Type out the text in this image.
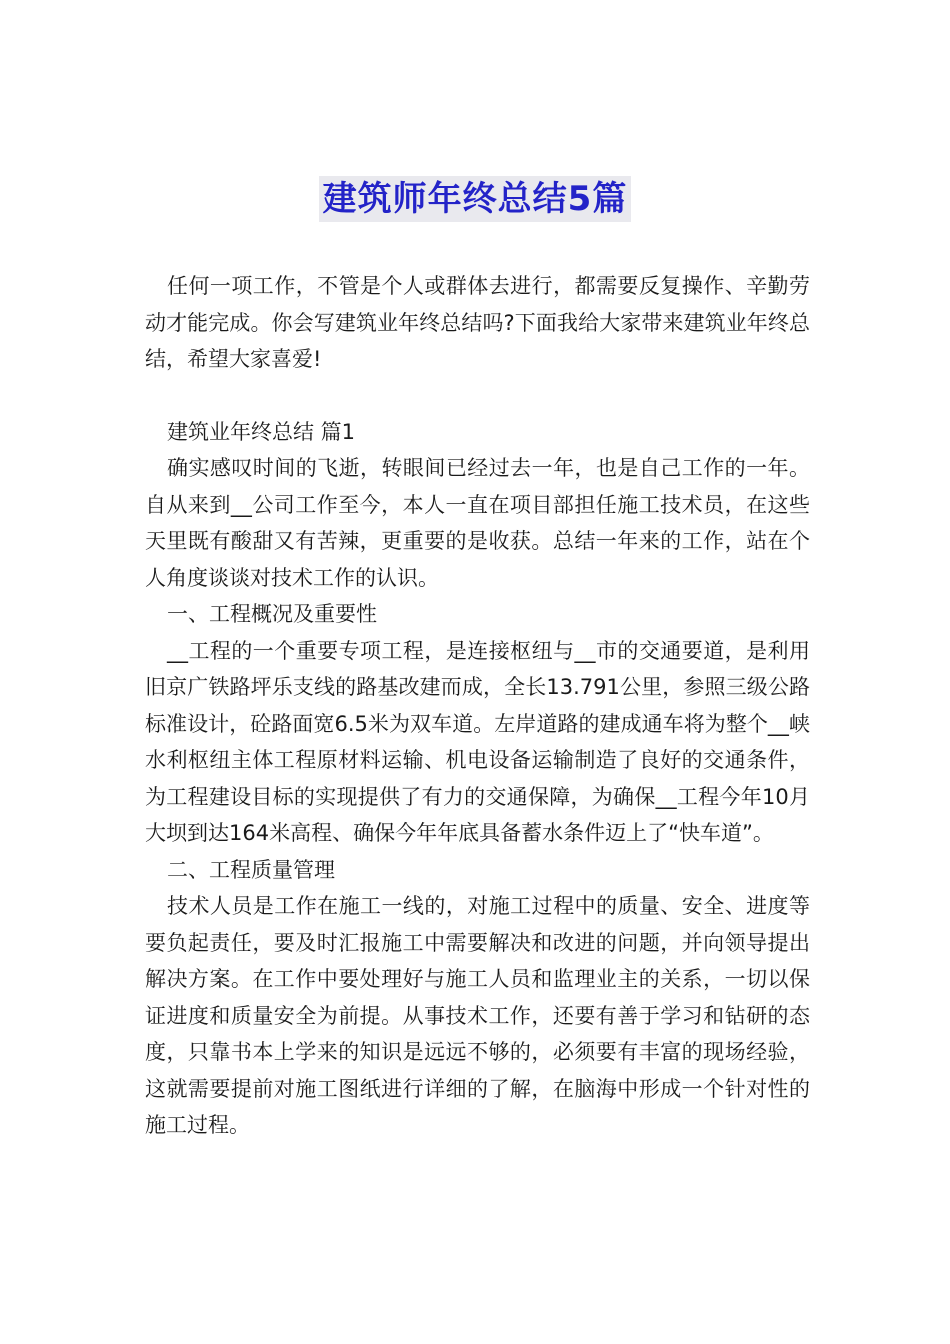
建筑师年终总结5篇

任何一项工作，不管是个人或群体去进行，都需要反复操作、辛勤劳动才能完成。你会写建筑业年终总结吗?下面我给大家带来建筑业年终总结，希望大家喜爱!

建筑业年终总结 篇1

确实感叹时间的飞逝，转眼间已经过去一年，也是自己工作的一年。自从来到__公司工作至今，本人一直在项目部担任施工技术员，在这些天里既有酸甜又有苦辣，更重要的是收获。总结一年来的工作，站在个人角度谈谈对技术工作的认识。

一、工程概况及重要性

__工程的一个重要专项工程，是连接枢纽与__市的交通要道，是利用旧京广铁路坪乐支线的路基改建而成，全长13.791公里，参照三级公路标准设计，砼路面宽6.5米为双车道。左岸道路的建成通车将为整个__峡水利枢纽主体工程原材料运输、机电设备运输制造了良好的交通条件，为工程建设目标的实现提供了有力的交通保障，为确保__工程今年10月大坝到达164米高程、确保今年年底具备蓄水条件迈上了“快车道”。

二、工程质量管理

技术人员是工作在施工一线的，对施工过程中的质量、安全、进度等要负起责任，要及时汇报施工中需要解决和改进的问题，并向领导提出解决方案。在工作中要处理好与施工人员和监理业主的关系，一切以保证进度和质量安全为前提。从事技术工作，还要有善于学习和钻研的态度，只靠书本上学来的知识是远远不够的，必须要有丰富的现场经验，这就需要提前对施工图纸进行详细的了解，在脑海中形成一个针对性的施工过程。
